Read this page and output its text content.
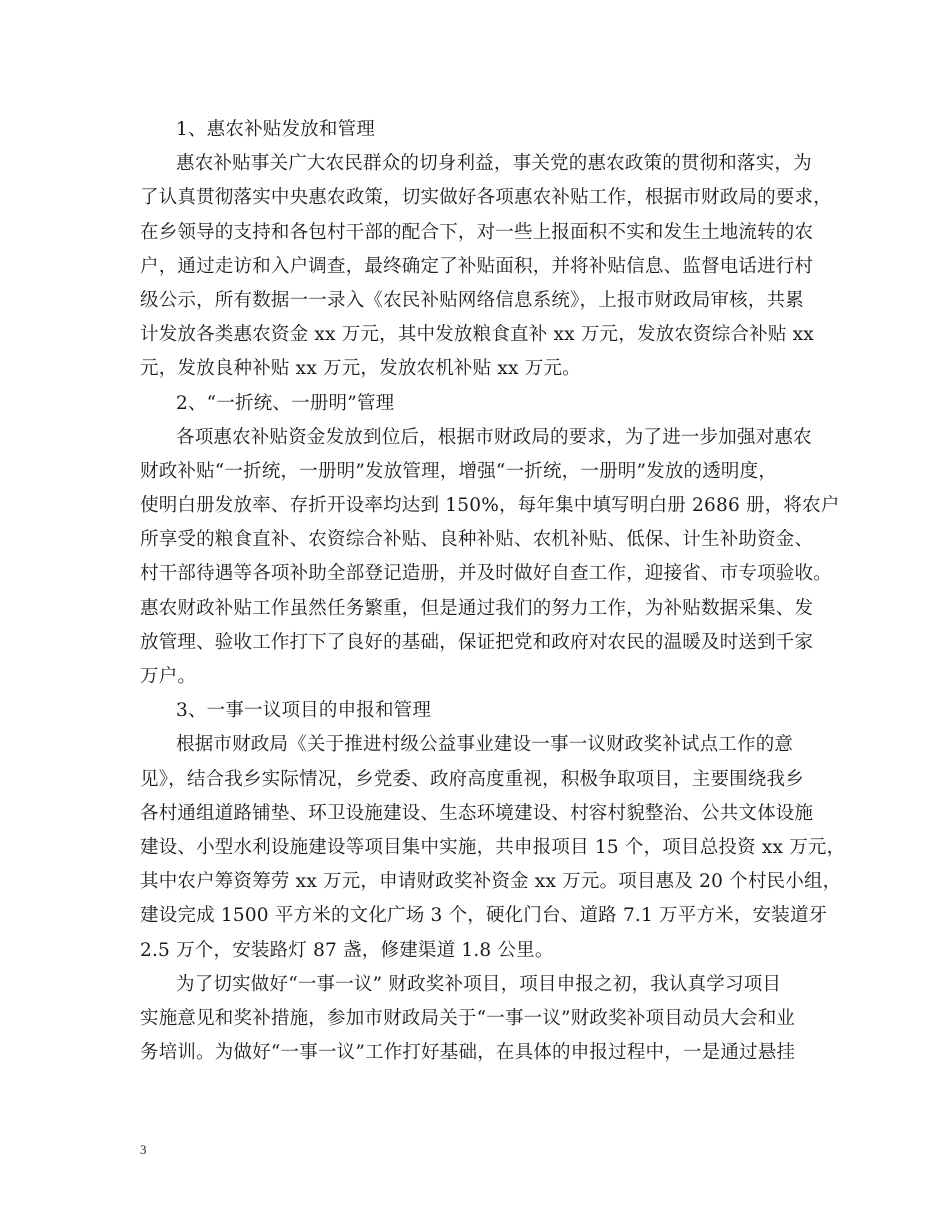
1、惠农补贴发放和管理
惠农补贴事关广大农民群众的切身利益，事关党的惠农政策的贯彻和落实，为
了认真贯彻落实中央惠农政策，切实做好各项惠农补贴工作，根据市财政局的要求，
在乡领导的支持和各包村干部的配合下，对一些上报面积不实和发生土地流转的农
户，通过走访和入户调查，最终确定了补贴面积，并将补贴信息、监督电话进行村
级公示，所有数据一一录入《农民补贴网络信息系统》，上报市财政局审核，共累
计发放各类惠农资金 xx 万元，其中发放粮食直补 xx 万元，发放农资综合补贴 xx
元，发放良种补贴 xx 万元，发放农机补贴 xx 万元。
2、“一折统、一册明”管理
各项惠农补贴资金发放到位后，根据市财政局的要求，为了进一步加强对惠农
财政补贴“一折统，一册明”发放管理，增强“一折统，一册明”发放的透明度，
使明白册发放率、存折开设率均达到 150%，每年集中填写明白册 2686 册，将农户
所享受的粮食直补、农资综合补贴、良种补贴、农机补贴、低保、计生补助资金、
村干部待遇等各项补助全部登记造册，并及时做好自查工作，迎接省、市专项验收。
惠农财政补贴工作虽然任务繁重，但是通过我们的努力工作，为补贴数据采集、发
放管理、验收工作打下了良好的基础，保证把党和政府对农民的温暖及时送到千家
万户。
3、一事一议项目的申报和管理
根据市财政局《关于推进村级公益事业建设一事一议财政奖补试点工作的意
见》，结合我乡实际情况，乡党委、政府高度重视，积极争取项目，主要围绕我乡
各村通组道路铺垫、环卫设施建设、生态环境建设、村容村貌整治、公共文体设施
建设、小型水利设施建设等项目集中实施，共申报项目 15 个，项目总投资 xx 万元，
其中农户筹资筹劳 xx 万元，申请财政奖补资金 xx 万元。项目惠及 20 个村民小组，
建设完成 1500 平方米的文化广场 3 个，硬化门台、道路 7.1 万平方米，安装道牙
2.5 万个，安装路灯 87 盏，修建渠道 1.8 公里。
为了切实做好“一事一议” 财政奖补项目，项目申报之初，我认真学习项目
实施意见和奖补措施，参加市财政局关于“一事一议”财政奖补项目动员大会和业
务培训。为做好“一事一议”工作打好基础，在具体的申报过程中，一是通过悬挂
3
